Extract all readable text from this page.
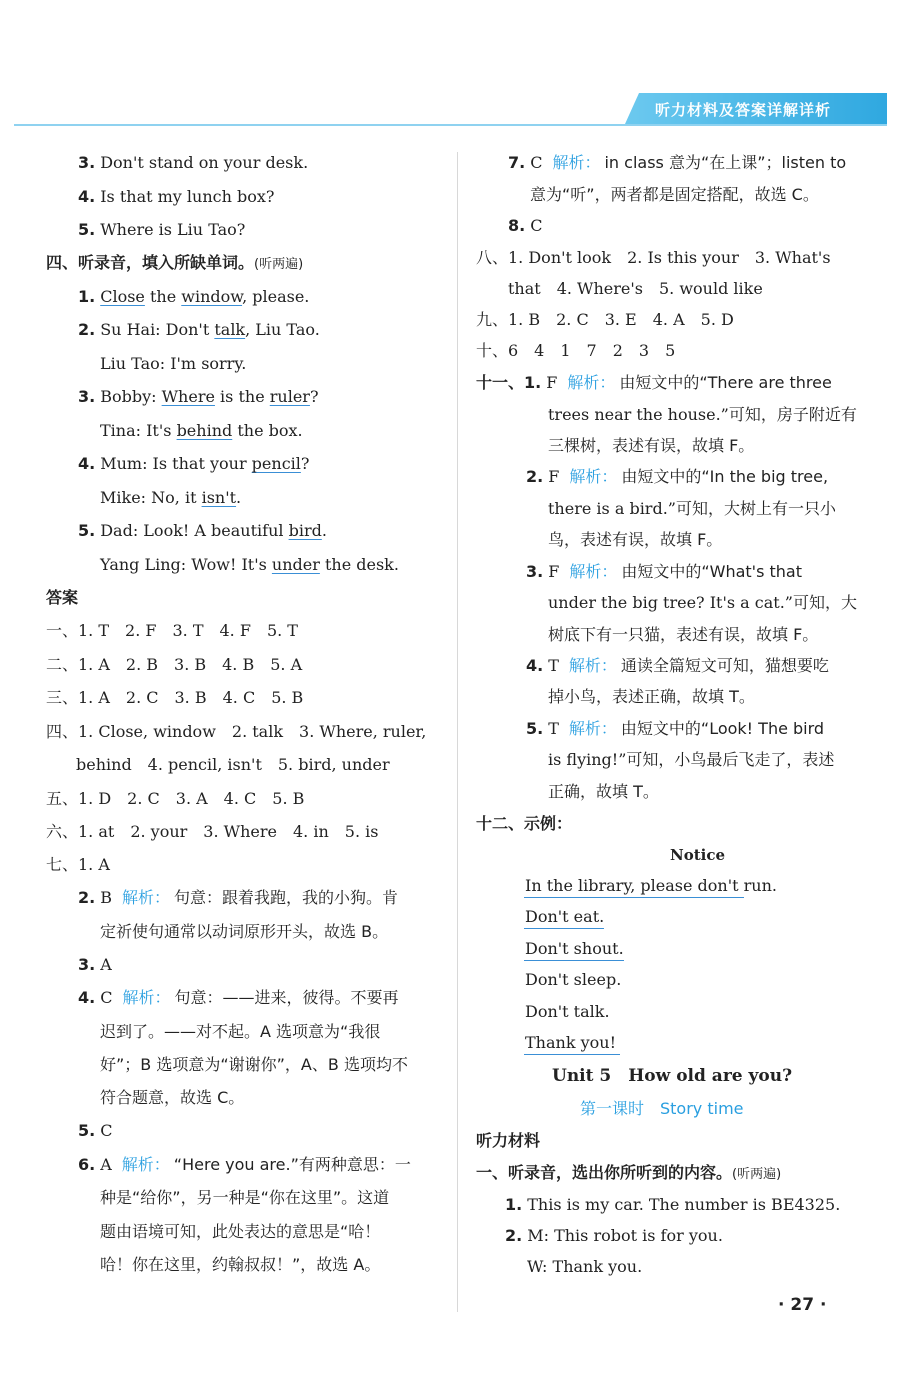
听力材料及答案详解详析
3. Don't stand on your desk.
4. Is that my lunch box?
5. Where is Liu Tao?
四、听录音，填入所缺单词。(听两遍)
1. Close the window, please.
2. Su Hai: Don't talk, Liu Tao.
Liu Tao: I'm sorry.
3. Bobby: Where is the ruler?
Tina: It's behind the box.
4. Mum: Is that your pencil?
Mike: No, it isn't.
5. Dad: Look! A beautiful bird.
Yang Ling: Wow! It's under the desk.
答案
一、1. T　2. F　3. T　4. F　5. T
二、1. A　2. B　3. B　4. B　5. A
三、1. A　2. C　3. B　4. C　5. B
四、1. Close, window　2. talk　3. Where, ruler,
behind　4. pencil, isn't　5. bird, under
五、1. D　2. C　3. A　4. C　5. B
六、1. at　2. your　3. Where　4. in　5. is
七、1. A
2. B 解析： 句意：跟着我跑，我的小狗。肯
定祈使句通常以动词原形开头，故选 B。
3. A
4. C 解析： 句意：——进来，彼得。不要再
迟到了。——对不起。A 选项意为“我很
好”；B 选项意为“谢谢你”，A、B 选项均不
符合题意，故选 C。
5. C
6. A 解析： “Here you are.”有两种意思：一
种是“给你”，另一种是“你在这里”。这道
题由语境可知，此处表达的意思是“哈！
哈！你在这里，约翰叔叔！”，故选 A。
7. C 解析： in class 意为“在上课”；listen to
意为“听”，两者都是固定搭配，故选 C。
8. C
八、1. Don't look　2. Is this your　3. What's
that　4. Where's　5. would like
九、1. B　2. C　3. E　4. A　5. D
十、6　4　1　7　2　3　5
十一、1. F 解析： 由短文中的“There are three
trees near the house.”可知，房子附近有
三棵树，表述有误，故填 F。
2. F 解析： 由短文中的“In the big tree,
there is a bird.”可知，大树上有一只小
鸟，表述有误，故填 F。
3. F 解析： 由短文中的“What's that
under the big tree? It's a cat.”可知，大
树底下有一只猫，表述有误，故填 F。
4. T 解析： 通读全篇短文可知，猫想要吃
掉小鸟，表述正确，故填 T。
5. T 解析： 由短文中的“Look! The bird
is flying!”可知，小鸟最后飞走了，表述
正确，故填 T。
十二、示例：
Notice
In the library, please don't run.
Don't eat.
Don't shout.
Don't sleep.
Don't talk.
Thank you!
Unit 5　How old are you?
第一课时　Story time
听力材料
一、听录音，选出你所听到的内容。(听两遍)
1. This is my car. The number is BE4325.
2. M: This robot is for you.
W: Thank you.
· 27 ·
